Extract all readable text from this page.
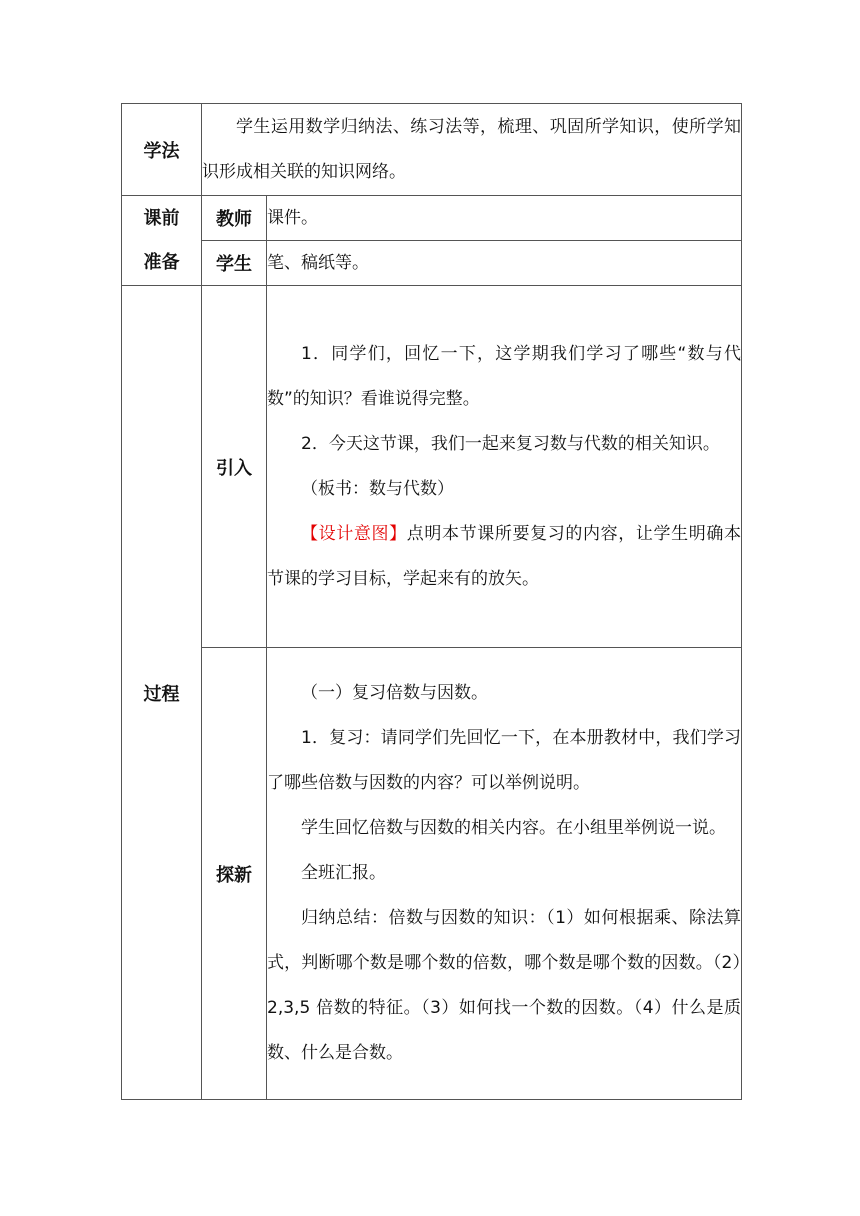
学法	学生运用数学归纳法、练习法等，梳理、巩固所学知识，使所学知识形成相关联的知识网络。	

课前
准备	教师	课件。
	学生	笔、稿纸等。
过程	引入	1．同学们，回忆一下，这学期我们学习了哪些“数与代数”的知识？看谁说得完整。

2．今天这节课，我们一起来复习数与代数的相关知识。

（板书：数与代数）

【设计意图】点明本节课所要复习的内容，让学生明确本节课的学习目标，学起来有的放矢。

	探新	（一）复习倍数与因数。

1．复习：请同学们先回忆一下，在本册教材中，我们学习了哪些倍数与因数的内容？可以举例说明。

学生回忆倍数与因数的相关内容。在小组里举例说一说。

全班汇报。

归纳总结：倍数与因数的知识：（1）如何根据乘、除法算式，判断哪个数是哪个数的倍数，哪个数是哪个数的因数。（2）2,3,5 倍数的特征。（3）如何找一个数的因数。（4）什么是质数、什么是合数。
